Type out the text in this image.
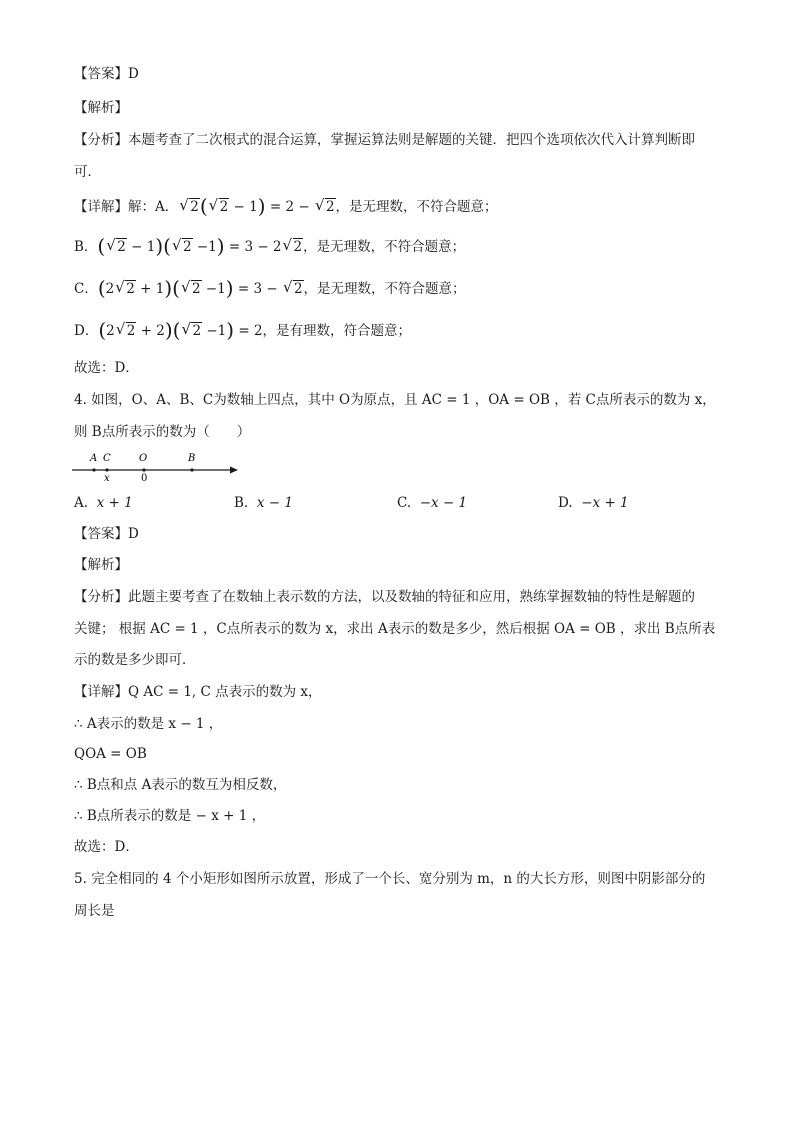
【答案】D
【解析】
【分析】本题考查了二次根式的混合运算，掌握运算法则是解题的关键．把四个选项依次代入计算判断即
可．
【详解】解：A． √ 2( √ 2 − 1) = 2 − √ 2，是无理数，不符合题意；
B．( √ 2 − 1)( √ 2 −1) = 3 − 2 √ 2，是无理数，不符合题意；
C．(2 √ 2 + 1)( √ 2 −1) = 3 − √ 2，是无理数，不符合题意；
D．(2 √ 2 + 2)( √ 2 −1) = 2，是有理数，符合题意；
故选：D．
4. 如图，O、A、B、C为数轴上四点，其中 O为原点，且 AC = 1 ，OA = OB ，若 C点所表示的数为 x，
则 B点所表示的数为（　　）
A C	O	B
x	0
A. x + 1	B. x − 1	C. −x − 1	D. −x + 1
【答案】D
【解析】
【分析】此题主要考查了在数轴上表示数的方法，以及数轴的特征和应用，熟练掌握数轴的特性是解题的
关键； 根据 AC = 1 ，C点所表示的数为 x，求出 A表示的数是多少，然后根据 OA = OB ，求出 B点所表
示的数是多少即可．
【详解】Q AC = 1, C 点表示的数为 x，
∴ A表示的数是 x − 1 ，
QOA = OB
∴ B点和点 A表示的数互为相反数，
∴ B点所表示的数是 − x + 1 ，
故选：D．
5. 完全相同的 4 个小矩形如图所示放置，形成了一个长、宽分别为 m，n 的大长方形，则图中阴影部分的
周长是
